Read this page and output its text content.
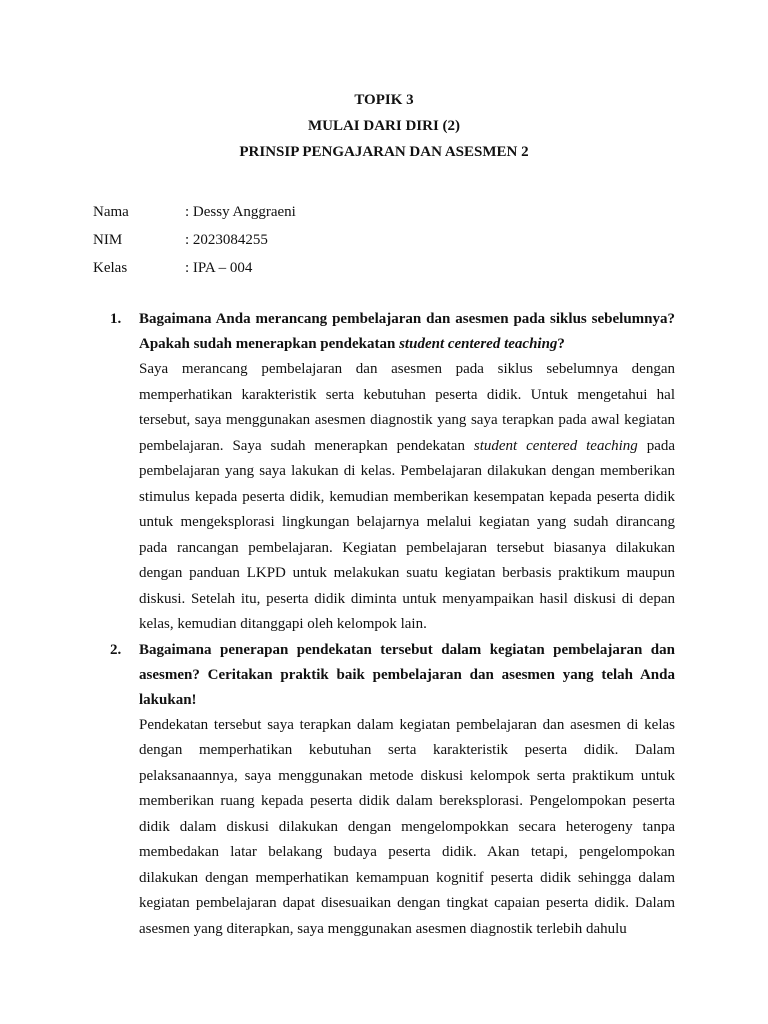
TOPIK 3
MULAI DARI DIRI (2)
PRINSIP PENGAJARAN DAN ASESMEN 2
Nama	: Dessy Anggraeni
NIM	: 2023084255
Kelas	: IPA – 004
1. Bagaimana Anda merancang pembelajaran dan asesmen pada siklus sebelumnya? Apakah sudah menerapkan pendekatan student centered teaching?
Saya merancang pembelajaran dan asesmen pada siklus sebelumnya dengan memperhatikan karakteristik serta kebutuhan peserta didik. Untuk mengetahui hal tersebut, saya menggunakan asesmen diagnostik yang saya terapkan pada awal kegiatan pembelajaran. Saya sudah menerapkan pendekatan student centered teaching pada pembelajaran yang saya lakukan di kelas. Pembelajaran dilakukan dengan memberikan stimulus kepada peserta didik, kemudian memberikan kesempatan kepada peserta didik untuk mengeksplorasi lingkungan belajarnya melalui kegiatan yang sudah dirancang pada rancangan pembelajaran. Kegiatan pembelajaran tersebut biasanya dilakukan dengan panduan LKPD untuk melakukan suatu kegiatan berbasis praktikum maupun diskusi. Setelah itu, peserta didik diminta untuk menyampaikan hasil diskusi di depan kelas, kemudian ditanggapi oleh kelompok lain.
2. Bagaimana penerapan pendekatan tersebut dalam kegiatan pembelajaran dan asesmen? Ceritakan praktik baik pembelajaran dan asesmen yang telah Anda lakukan!
Pendekatan tersebut saya terapkan dalam kegiatan pembelajaran dan asesmen di kelas dengan memperhatikan kebutuhan serta karakteristik peserta didik. Dalam pelaksanaannya, saya menggunakan metode diskusi kelompok serta praktikum untuk memberikan ruang kepada peserta didik dalam bereksplorasi. Pengelompokan peserta didik dalam diskusi dilakukan dengan mengelompokkan secara heterogeny tanpa membedakan latar belakang budaya peserta didik. Akan tetapi, pengelompokan dilakukan dengan memperhatikan kemampuan kognitif peserta didik sehingga dalam kegiatan pembelajaran dapat disesuaikan dengan tingkat capaian peserta didik. Dalam asesmen yang diterapkan, saya menggunakan asesmen diagnostik terlebih dahulu
